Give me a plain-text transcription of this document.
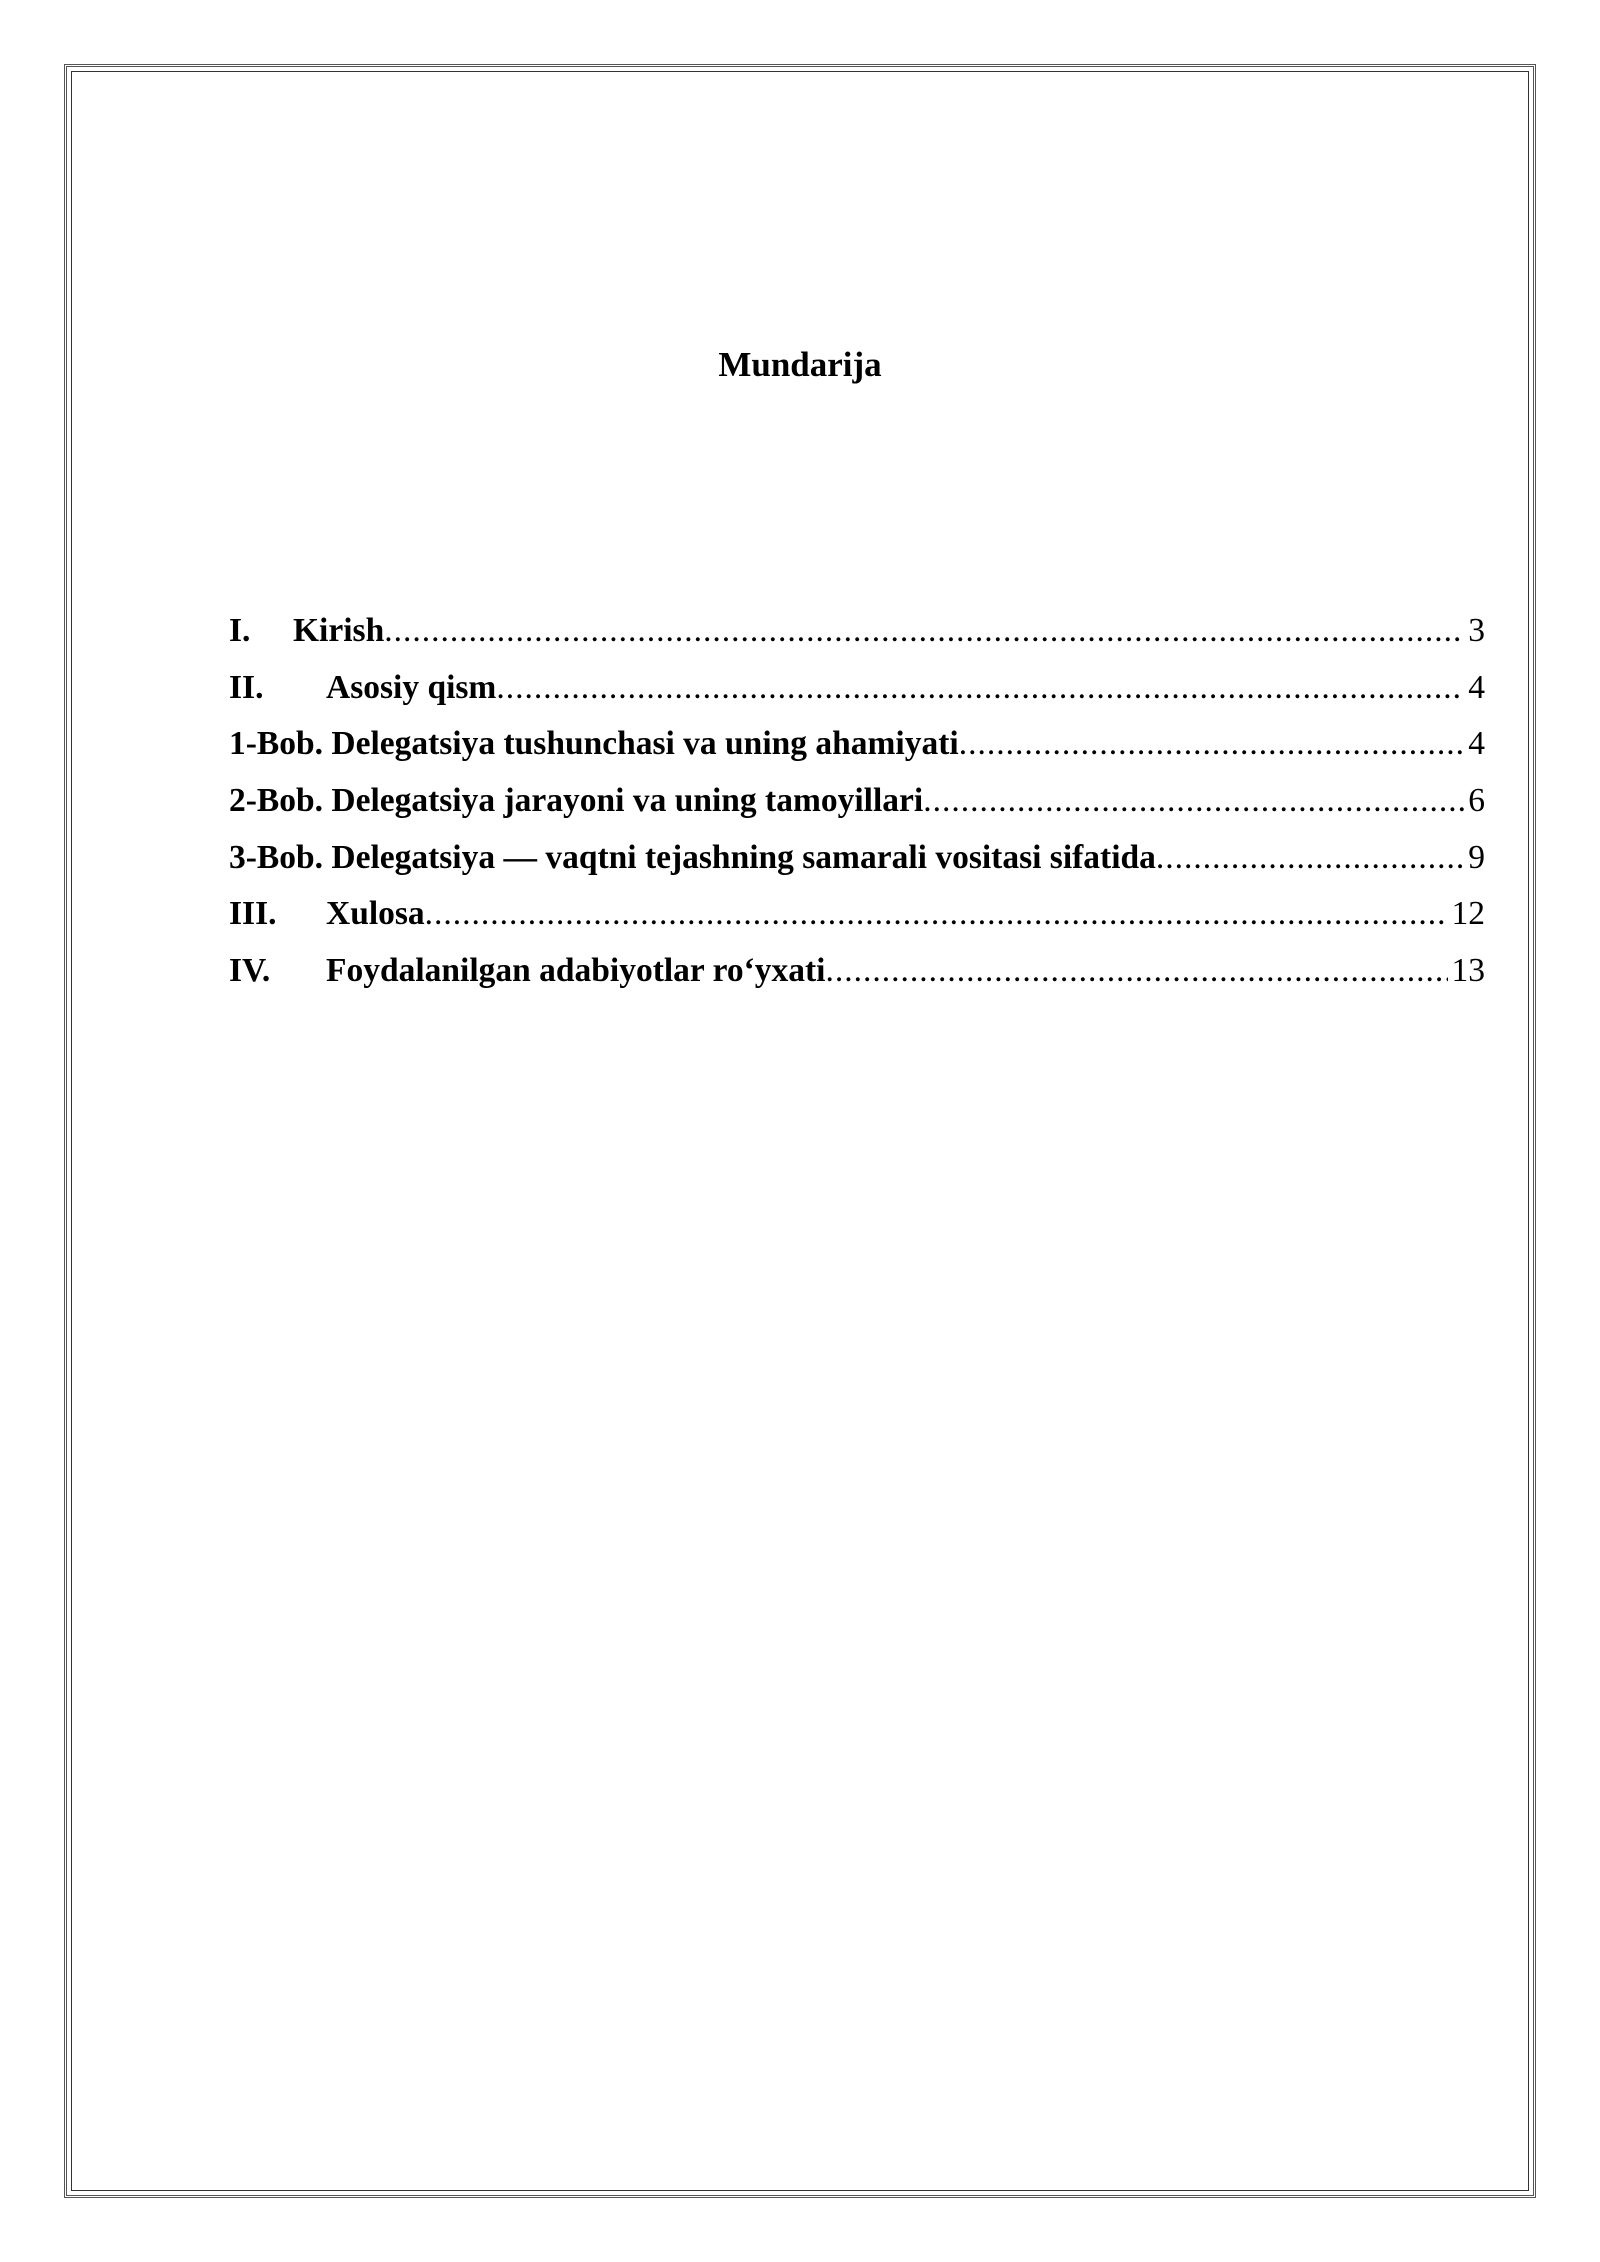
Mundarija
I.	Kirish .....	3
II.	Asosiy qism .....	4
1-Bob. Delegatsiya tushunchasi va uning ahamiyati .....	4
2-Bob. Delegatsiya jarayoni va uning tamoyillari .....	6
3-Bob. Delegatsiya — vaqtni tejashning samarali vositasi sifatida .....	9
III.	Xulosa .....	12
IV.	Foydalanilgan adabiyotlar ro‘yxati .....	13
